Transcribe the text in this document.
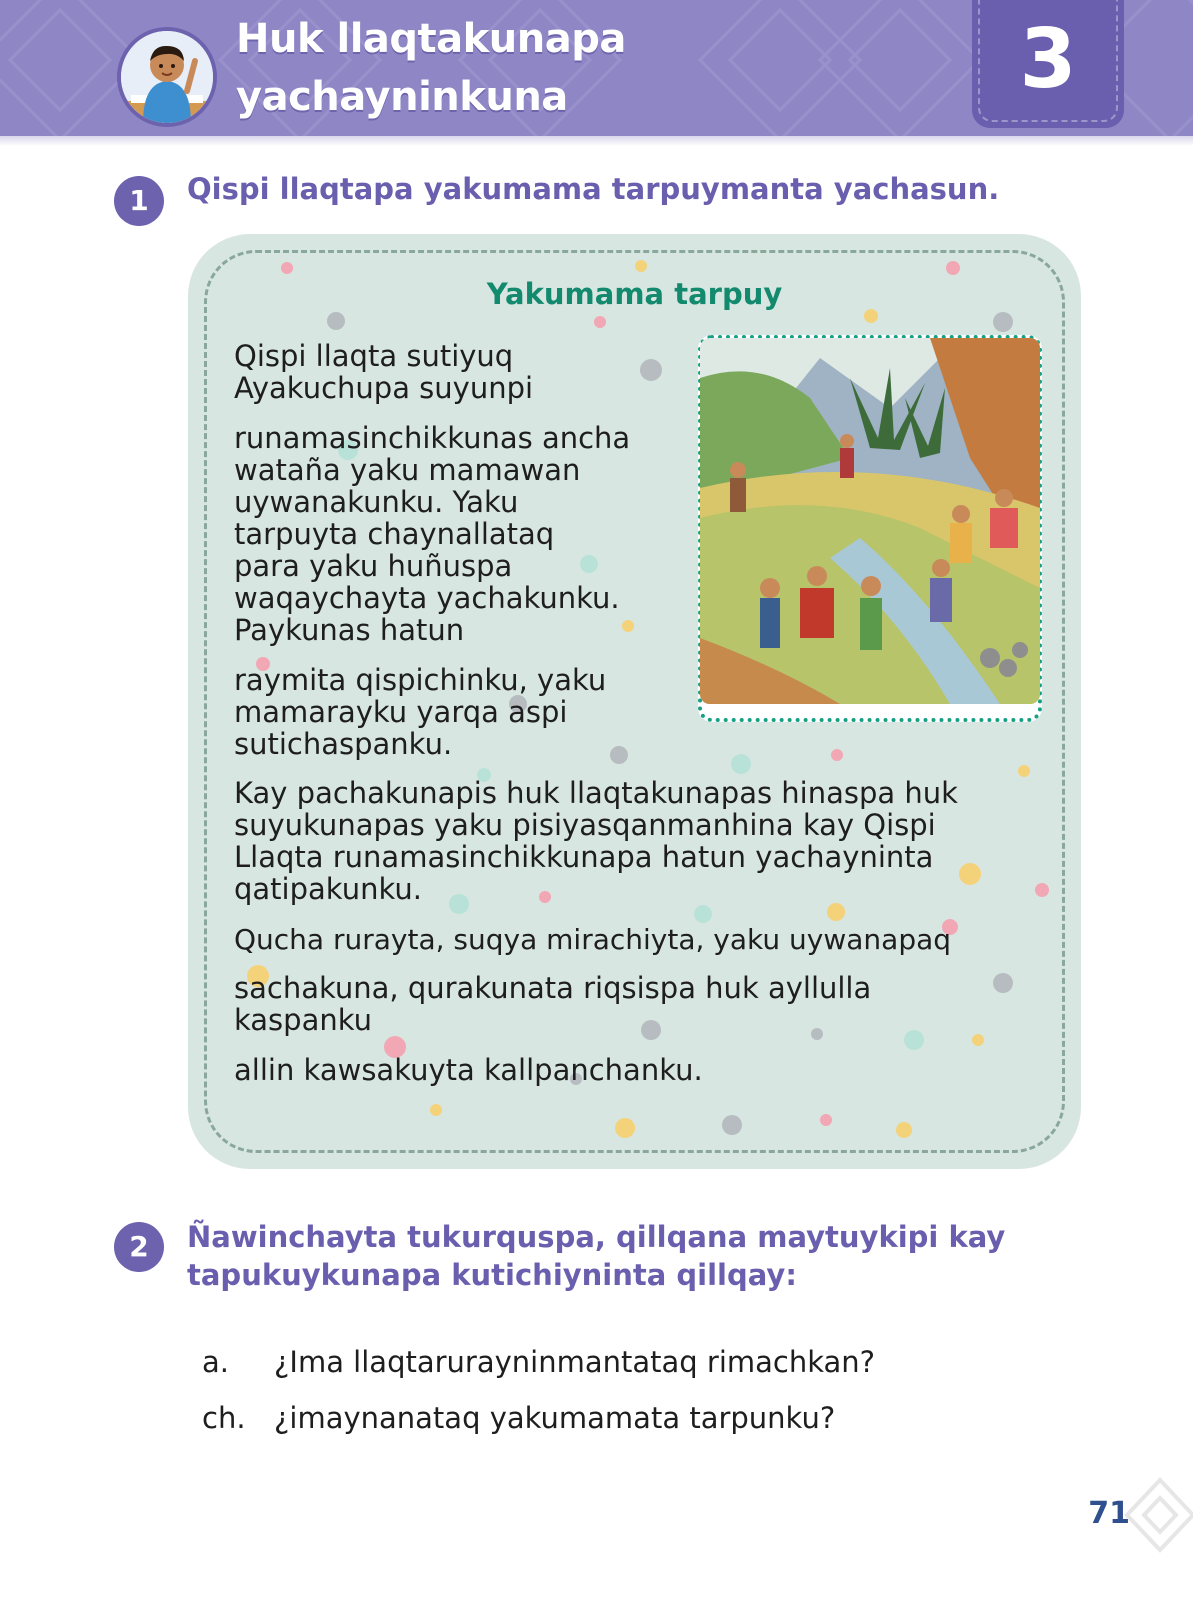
Huk llaqtakunapa
yachayninkuna	3
1	Qispi llaqtapa yakumama tarpuymanta yachasun.

Yakumama tarpuy

Qispi llaqta sutiyuq
Ayakuchupa suyunpi

runamasinchikkunas ancha
wataña yaku mamawan
uywanakunku. Yaku
tarpuyta chaynallataq
para yaku huñuspa
waqaychayta yachakunku.
Paykunas hatun

raymita qispichinku, yaku
mamarayku yarqa aspi
sutichaspanku.

Kay pachakunapis huk llaqtakunapas hinaspa huk
suyukunapas yaku pisiyasqanmanhina kay Qispi
Llaqta runamasinchikkunapa hatun yachayninta
qatipakunku.

Qucha rurayta, suqya mirachiyta, yaku uywanapaq

sachakuna, qurakunata riqsispa huk ayllulla
kaspanku

allin kawsakuyta kallpanchanku.

2	Ñawinchayta tukurquspa, qillqana maytuykipi kay
tapukuykunapa kutichiyninta qillqay:

a. ¿Ima llaqtarurayninmantataq rimachkan?
ch. ¿imaynanataq yakumamata tarpunku?
71
